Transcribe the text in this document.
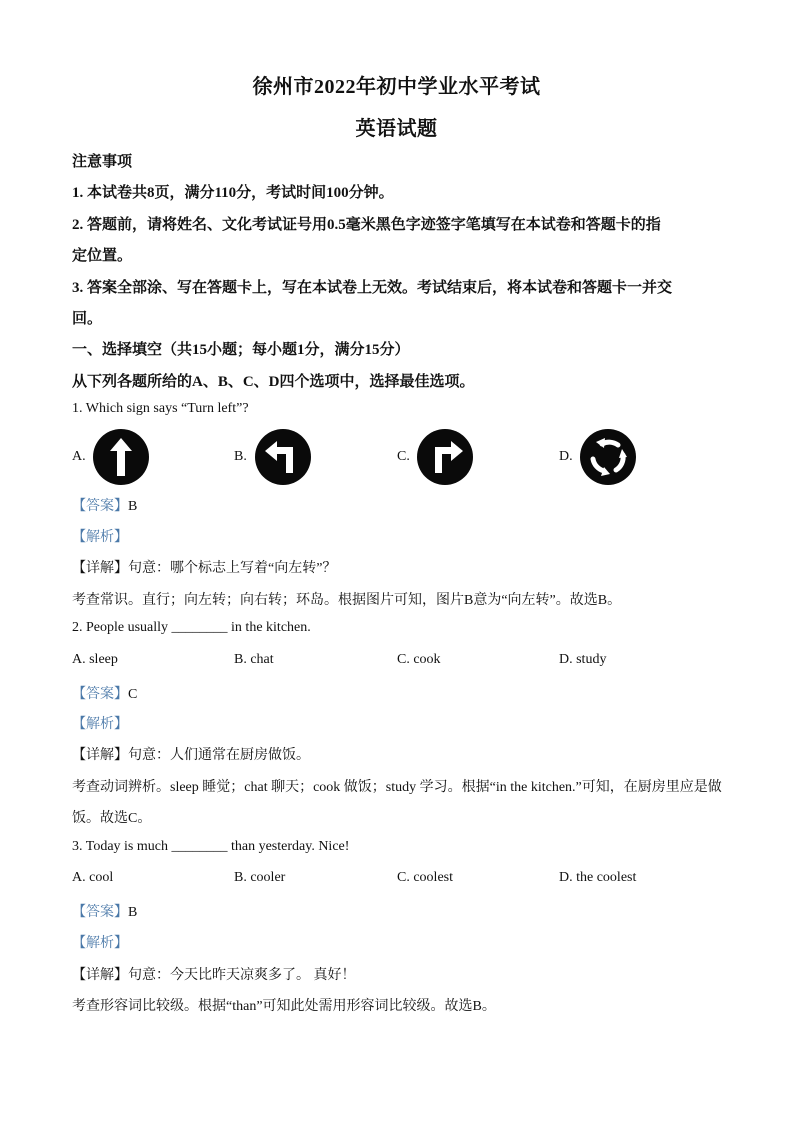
徐州市2022年初中学业水平考试
英语试题
注意事项
1. 本试卷共8页，满分110分，考试时间100分钟。
2. 答题前，请将姓名、文化考试证号用0.5毫米黑色字迹签字笔填写在本试卷和答题卡的指
定位置。
3. 答案全部涂、写在答题卡上，写在本试卷上无效。考试结束后，将本试卷和答题卡一并交
回。
一、选择填空（共15小题；每小题1分，满分15分）
从下列各题所给的A、B、C、D四个选项中，选择最佳选项。
1. Which sign says “Turn left”?
A.	B.	C.	D.
【答案】B
【解析】
【详解】句意：哪个标志上写着“向左转”？
考查常识。直行；向左转；向右转；环岛。根据图片可知，图片B意为“向左转”。故选B。
2. People usually ________ in the kitchen.
A. sleep	B. chat	C. cook	D. study
【答案】C
【解析】
【详解】句意：人们通常在厨房做饭。
考查动词辨析。sleep 睡觉；chat 聊天；cook 做饭；study 学习。根据“in the kitchen.”可知，在厨房里应是做
饭。故选C。
3. Today is much ________ than yesterday. Nice!
A. cool	B. cooler	C. coolest	D. the coolest
【答案】B
【解析】
【详解】句意：今天比昨天凉爽多了。 真好！
考查形容词比较级。根据“than”可知此处需用形容词比较级。故选B。
